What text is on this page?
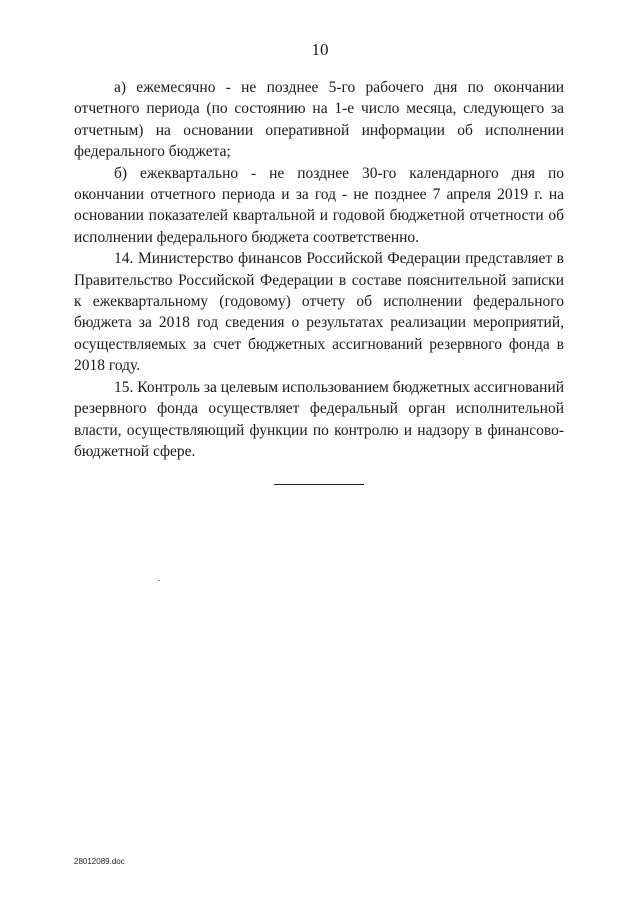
10

а) ежемесячно - не позднее 5-го рабочего дня по окончании отчетного периода (по состоянию на 1-е число месяца, следующего за отчетным) на основании оперативной информации об исполнении федерального бюджета;

б) ежеквартально - не позднее 30-го календарного дня по окончании отчетного периода и за год - не позднее 7 апреля 2019 г. на основании показателей квартальной и годовой бюджетной отчетности об исполнении федерального бюджета соответственно.

14. Министерство финансов Российской Федерации представляет в Правительство Российской Федерации в составе пояснительной записки к ежеквартальному (годовому) отчету об исполнении федерального бюджета за 2018 год сведения о результатах реализации мероприятий, осуществляемых за счет бюджетных ассигнований резервного фонда в 2018 году.

15. Контроль за целевым использованием бюджетных ассигнований резервного фонда осуществляет федеральный орган исполнительной власти, осуществляющий функции по контролю и надзору в финансово-бюджетной сфере.

28012089.doc
